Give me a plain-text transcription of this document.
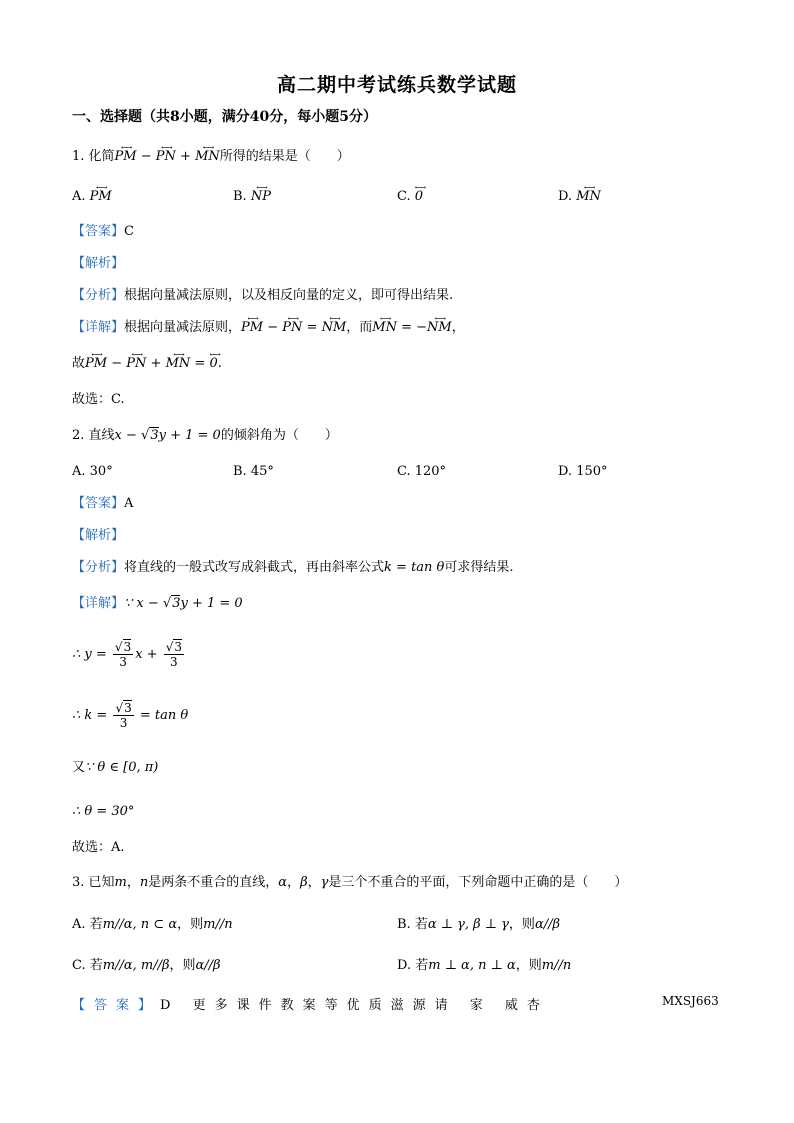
高二期中考试练兵数学试题
一、选择题（共8小题，满分40分，每小题5分）
1. 化简←→ PM − ←→ PN + ←→ MN所得的结果是（　　）
A. ←→ PM	B. ←→ NP	C. ←→ 0	D. ←→ MN
【答案】C
【解析】
【分析】根据向量减法原则，以及相反向量的定义，即可得出结果.
【详解】根据向量减法原则，←→ PM − ←→ PN = ←→ NM，而←→ MN = −←→ NM，
故←→ PM − ←→ PN + ←→ MN = ←→ 0.
故选：C.
2. 直线x − √3y + 1 = 0的倾斜角为（　　）
A. 30°	B. 45°	C. 120°	D. 150°
【答案】A
【解析】
【分析】将直线的一般式改写成斜截式，再由斜率公式k = tan θ可求得结果.
【详解】∵ x − √3y + 1 = 0
∴ $y = \frac{√3}{3}$ $x + \frac{√3}{3}$
∴ $k = \frac{√3}{3} = \tan \theta$
又∵ θ ∈ [0, π)
∴ θ = 30°
故选：A.
3. 已知m，n是两条不重合的直线，α，β，γ是三个不重合的平面，下列命题中正确的是（　　）
A. 若m//α, n ⊂ α，则m//n	B. 若α ⊥ γ, β ⊥ γ，则α//β
C. 若m//α, m//β，则α//β	D. 若m ⊥ α, n ⊥ α，则m//n
【答案】D 更多课件教案等优质滋源请 家 威杏	MXSJ663
